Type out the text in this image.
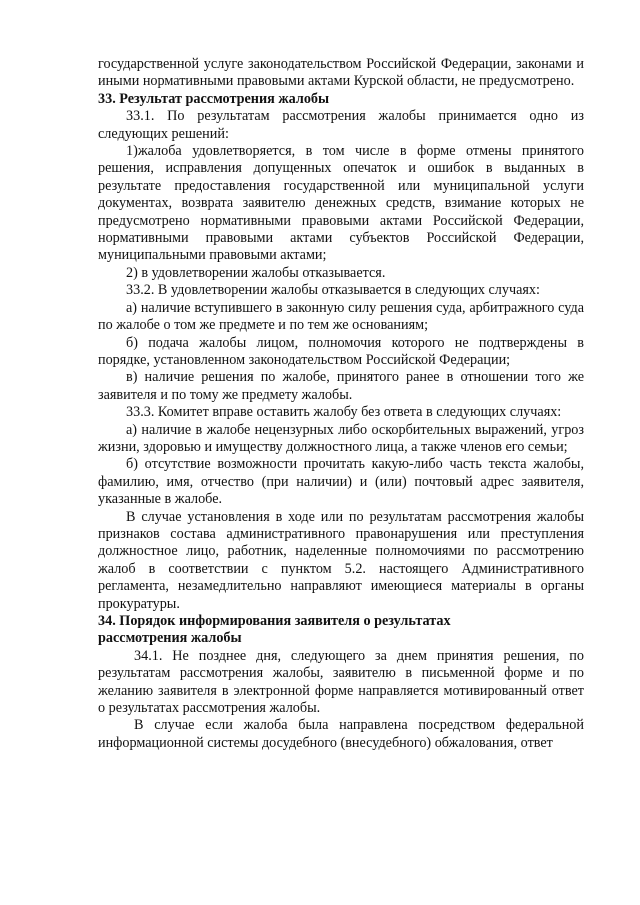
государственной услуге законодательством Российской Федерации, законами и иными нормативными правовыми актами Курской области, не предусмотрено.

33. Результат рассмотрения жалобы

33.1. По результатам рассмотрения жалобы принимается одно из следующих решений:

1)жалоба удовлетворяется, в том числе в форме отмены принятого решения, исправления допущенных опечаток и ошибок в выданных в результате предоставления государственной или муниципальной услуги документах, возврата заявителю денежных средств, взимание которых не предусмотрено нормативными правовыми актами Российской Федерации, нормативными правовыми актами субъектов Российской Федерации, муниципальными правовыми актами;

2) в удовлетворении жалобы отказывается.

33.2. В удовлетворении жалобы отказывается в следующих случаях:

а) наличие вступившего в законную силу решения суда, арбитражного суда по жалобе о том же предмете и по тем же основаниям;

б) подача жалобы лицом, полномочия которого не подтверждены в порядке, установленном законодательством Российской Федерации;

в) наличие решения по жалобе, принятого ранее в отношении того же заявителя и по тому же предмету жалобы.

33.3. Комитет вправе оставить жалобу без ответа в следующих случаях:

а) наличие в жалобе нецензурных либо оскорбительных выражений, угроз жизни, здоровью и имуществу должностного лица, а также членов его семьи;

б) отсутствие возможности прочитать какую-либо часть текста жалобы, фамилию, имя, отчество (при наличии) и (или) почтовый адрес заявителя, указанные в жалобе.

В случае установления в ходе или по результатам рассмотрения жалобы признаков состава административного правонарушения или преступления должностное лицо, работник, наделенные полномочиями по рассмотрению жалоб в соответствии с пунктом 5.2. настоящего Административного регламента, незамедлительно направляют имеющиеся материалы в органы прокуратуры.

34. Порядок информирования заявителя о результатах
рассмотрения жалобы

34.1. Не позднее дня, следующего за днем принятия решения, по результатам рассмотрения жалобы, заявителю в письменной форме и по желанию заявителя в электронной форме направляется мотивированный ответ о результатах рассмотрения жалобы.

В случае если жалоба была направлена посредством федеральной информационной системы досудебного (внесудебного) обжалования, ответ
